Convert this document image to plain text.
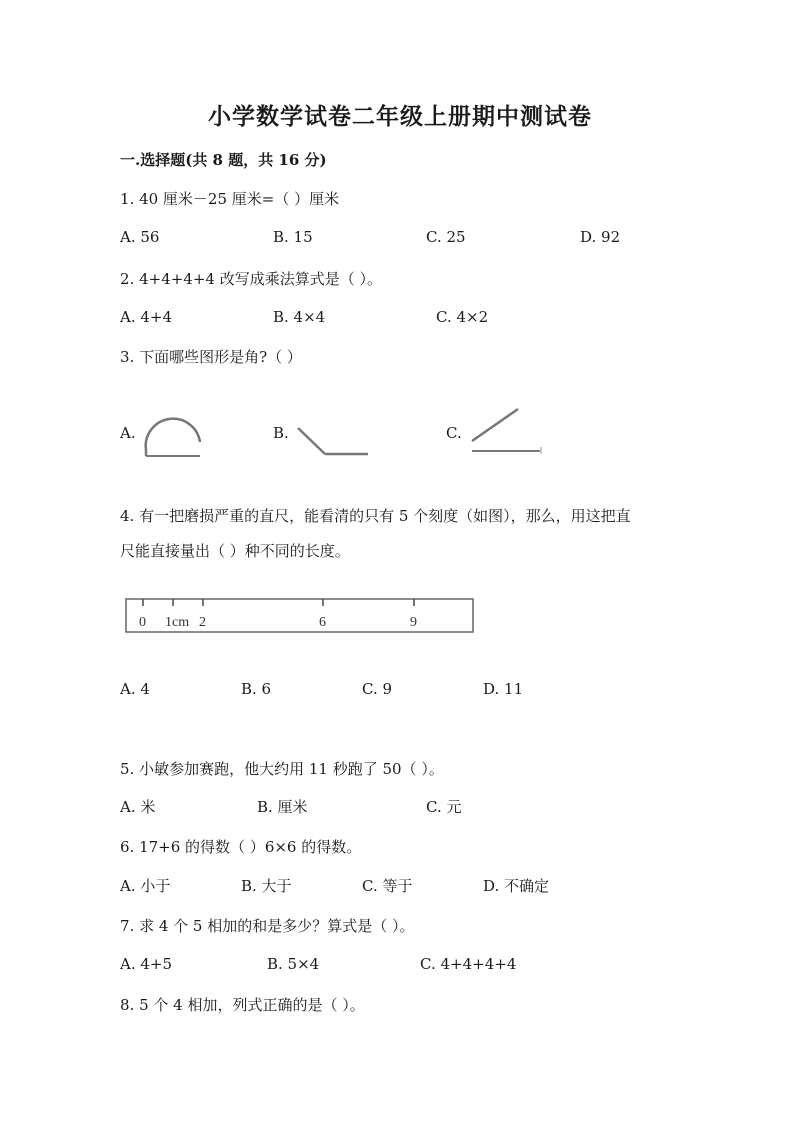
小学数学试卷二年级上册期中测试卷
一.选择题(共 8 题，共 16 分)
1. 40 厘米－25 厘米=（ ）厘米
A. 56	B. 15	C. 25	D. 92
2. 4+4+4+4 改写成乘法算式是（ ）。
A. 4+4	B. 4×4	C. 4×2
3. 下面哪些图形是角?（ ）
A.	B.	C.
4. 有一把磨损严重的直尺，能看清的只有 5 个刻度（如图），那么，用这把直
尺能直接量出（ ）种不同的长度。
0 1cm 2	6	9
A. 4	B. 6	C. 9	D. 11
5. 小敏参加赛跑，他大约用 11 秒跑了 50（ ）。
A. 米	B. 厘米	C. 元
6. 17+6 的得数（ ）6×6 的得数。
A. 小于	B. 大于	C. 等于	D. 不确定
7. 求 4 个 5 相加的和是多少？算式是（ ）。
A. 4+5	B. 5×4	C. 4+4+4+4
8. 5 个 4 相加，列式正确的是（ ）。
